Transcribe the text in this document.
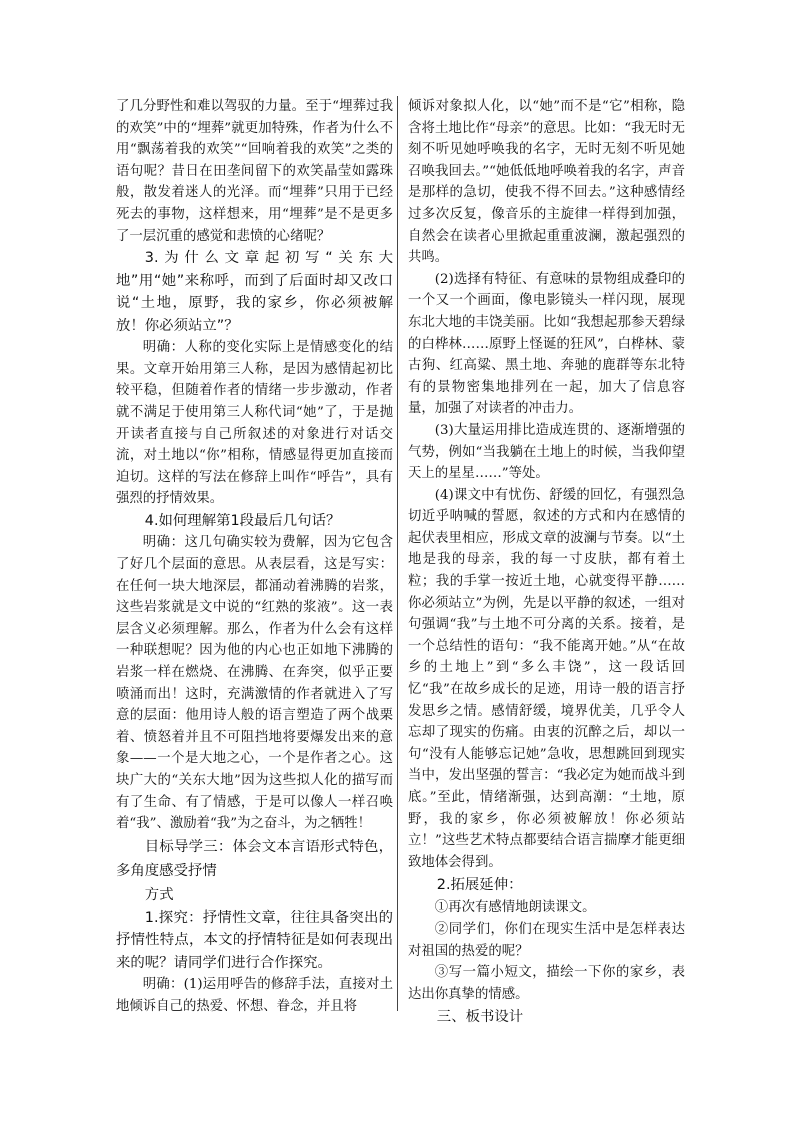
了几分野性和难以驾驭的力量。至于“埋葬过我的欢笑”中的“埋葬”就更加特殊，作者为什么不用“飘荡着我的欢笑”“回响着我的欢笑”之类的语句呢？昔日在田垄间留下的欢笑晶莹如露珠般，散发着迷人的光泽。而“埋葬”只用于已经死去的事物，这样想来，用“埋葬”是不是更多了一层沉重的感觉和悲愤的心绪呢？

3.为什么文章起初写“关东大地”用“她”来称呼，而到了后面时却又改口说“土地，原野，我的家乡，你必须被解放！你必须站立”？

明确：人称的变化实际上是情感变化的结果。文章开始用第三人称，是因为感情起初比较平稳，但随着作者的情绪一步步激动，作者就不满足于使用第三人称代词“她”了，于是抛开读者直接与自己所叙述的对象进行对话交流，对土地以“你”相称，情感显得更加直接而迫切。这样的写法在修辞上叫作“呼告”，具有强烈的抒情效果。

4.如何理解第1段最后几句话？

明确：这几句确实较为费解，因为它包含了好几个层面的意思。从表层看，这是写实：在任何一块大地深层，都涌动着沸腾的岩浆，这些岩浆就是文中说的“红熟的浆液”。这一表层含义必须理解。那么，作者为什么会有这样一种联想呢？因为他的内心也正如地下沸腾的岩浆一样在燃烧、在沸腾、在奔突，似乎正要喷涌而出！这时，充满激情的作者就进入了写意的层面：他用诗人般的语言塑造了两个战栗着、愤怒着并且不可阻挡地将要爆发出来的意象——一个是大地之心，一个是作者之心。这块广大的“关东大地”因为这些拟人化的描写而有了生命、有了情感，于是可以像人一样召唤着“我”、激励着“我”为之奋斗，为之牺牲！

目标导学三：体会文本言语形式特色，多角度感受抒情

方式

1.探究：抒情性文章，往往具备突出的抒情性特点，本文的抒情特征是如何表现出来的呢？请同学们进行合作探究。

明确：(1)运用呼告的修辞手法，直接对土地倾诉自己的热爱、怀想、眷念，并且将

倾诉对象拟人化，以“她”而不是“它”相称，隐含将土地比作“母亲”的意思。比如：“我无时无刻不听见她呼唤我的名字，无时无刻不听见她召唤我回去。”“她低低地呼唤着我的名字，声音是那样的急切，使我不得不回去。”这种感情经过多次反复，像音乐的主旋律一样得到加强，自然会在读者心里掀起重重波澜，激起强烈的共鸣。

(2)选择有特征、有意味的景物组成叠印的一个又一个画面，像电影镜头一样闪现，展现东北大地的丰饶美丽。比如“我想起那参天碧绿的白桦林……原野上怪诞的狂风”，白桦林、蒙古狗、红高粱、黑土地、奔驰的鹿群等东北特有的景物密集地排列在一起，加大了信息容量，加强了对读者的冲击力。

(3)大量运用排比造成连贯的、逐渐增强的气势，例如“当我躺在土地上的时候，当我仰望天上的星星……”等处。

(4)课文中有忧伤、舒缓的回忆，有强烈急切近乎呐喊的誓愿，叙述的方式和内在感情的起伏表里相应，形成文章的波澜与节奏。以“土地是我的母亲，我的每一寸皮肤，都有着土粒；我的手掌一按近土地，心就变得平静……你必须站立”为例，先是以平静的叙述，一组对句强调“我”与土地不可分离的关系。接着，是一个总结性的语句：“我不能离开她。”从“在故乡的土地上”到“多么丰饶”，这一段话回忆“我”在故乡成长的足迹，用诗一般的语言抒发思乡之情。感情舒缓，境界优美，几乎令人忘却了现实的伤痛。由衷的沉醉之后，却以一句“没有人能够忘记她”急收，思想跳回到现实当中，发出坚强的誓言：“我必定为她而战斗到底。”至此，情绪渐强，达到高潮：“土地，原野，我的家乡，你必须被解放！你必须站立！”这些艺术特点都要结合语言揣摩才能更细致地体会得到。

2.拓展延伸：

①再次有感情地朗读课文。

②同学们，你们在现实生活中是怎样表达对祖国的热爱的呢？

③写一篇小短文，描绘一下你的家乡，表达出你真挚的情感。

三、板书设计
